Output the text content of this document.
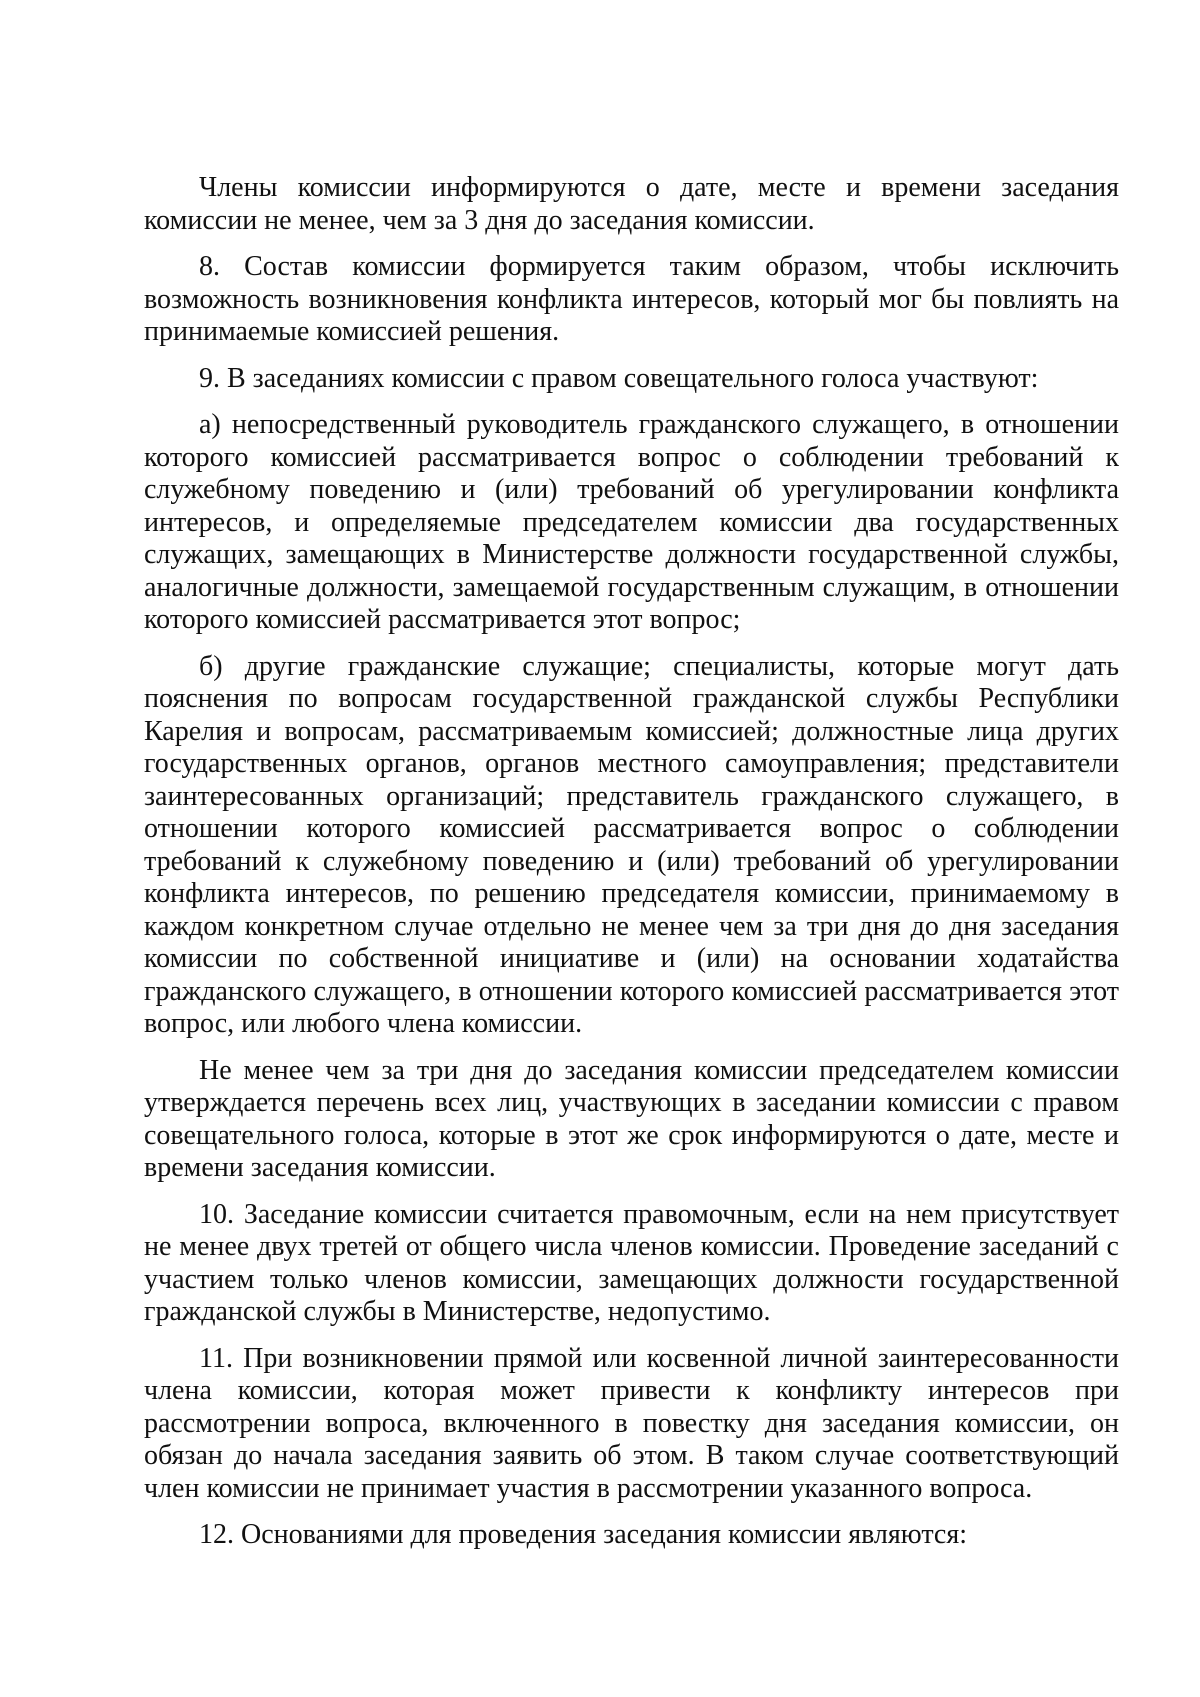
Члены комиссии информируются о дате, месте и времени заседания комиссии не менее, чем за 3 дня до заседания комиссии.

8. Состав комиссии формируется таким образом, чтобы исключить возможность возникновения конфликта интересов, который мог бы повлиять на принимаемые комиссией решения.

9. В заседаниях комиссии с правом совещательного голоса участвуют:

а) непосредственный руководитель гражданского служащего, в отношении которого комиссией рассматривается вопрос о соблюдении требований к служебному поведению и (или) требований об урегулировании конфликта интересов, и определяемые председателем комиссии два государственных служащих, замещающих в Министерстве должности государственной службы, аналогичные должности, замещаемой государственным служащим, в отношении которого комиссией рассматривается этот вопрос;

б) другие гражданские служащие; специалисты, которые могут дать пояснения по вопросам государственной гражданской службы Республики Карелия и вопросам, рассматриваемым комиссией; должностные лица других государственных органов, органов местного самоуправления; представители заинтересованных организаций; представитель гражданского служащего, в отношении которого комиссией рассматривается вопрос о соблюдении требований к служебному поведению и (или) требований об урегулировании конфликта интересов, по решению председателя комиссии, принимаемому в каждом конкретном случае отдельно не менее чем за три дня до дня заседания комиссии по собственной инициативе и (или) на основании ходатайства гражданского служащего, в отношении которого комиссией рассматривается этот вопрос, или любого члена комиссии.

Не менее чем за три дня до заседания комиссии председателем комиссии утверждается перечень всех лиц, участвующих в заседании комиссии с правом совещательного голоса, которые в этот же срок информируются о дате, месте и времени заседания комиссии.

10. Заседание комиссии считается правомочным, если на нем присутствует не менее двух третей от общего числа членов комиссии. Проведение заседаний с участием только членов комиссии, замещающих должности государственной гражданской службы в Министерстве, недопустимо.

11. При возникновении прямой или косвенной личной заинтересованности члена комиссии, которая может привести к конфликту интересов при рассмотрении вопроса, включенного в повестку дня заседания комиссии, он обязан до начала заседания заявить об этом. В таком случае соответствующий член комиссии не принимает участия в рассмотрении указанного вопроса.

12. Основаниями для проведения заседания комиссии являются:
